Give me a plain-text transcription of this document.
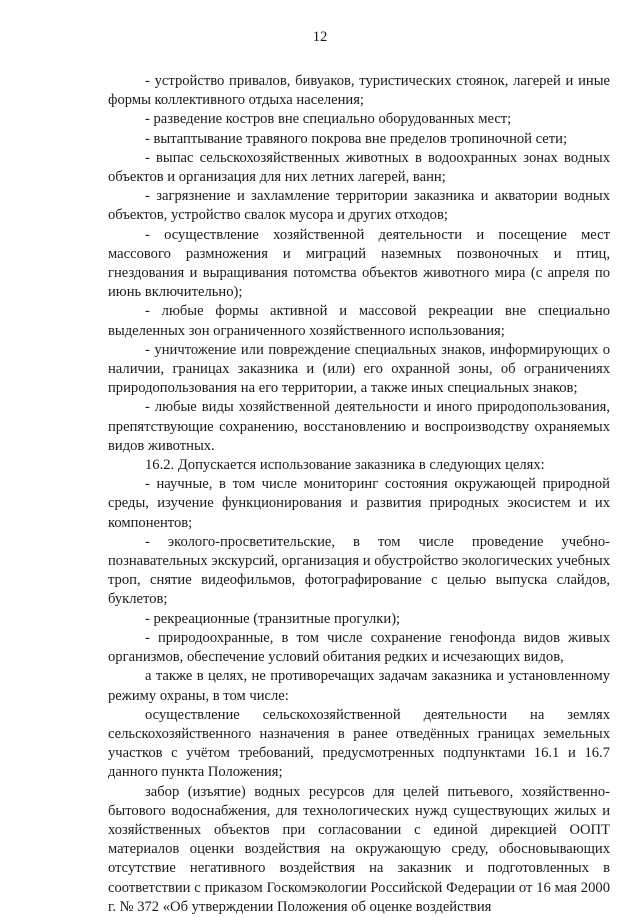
12

- устройство привалов, бивуаков, туристических стоянок, лагерей и иные формы коллективного отдыха населения;

- разведение костров вне специально оборудованных мест;

- вытаптывание травяного покрова вне пределов тропиночной сети;

- выпас сельскохозяйственных животных в водоохранных зонах водных объектов и организация для них летних лагерей, ванн;

- загрязнение и захламление территории заказника и акватории водных объектов, устройство свалок мусора и других отходов;

- осуществление хозяйственной деятельности и посещение мест массового размножения и миграций наземных позвоночных и птиц, гнездования и выращивания потомства объектов животного мира (с апреля по июнь включительно);

- любые формы активной и массовой рекреации вне специально выделенных зон ограниченного хозяйственного использования;

- уничтожение или повреждение специальных знаков, информирующих о наличии, границах заказника и (или) его охранной зоны, об ограничениях природопользования на его территории, а также иных специальных знаков;

- любые виды хозяйственной деятельности и иного природопользования, препятствующие сохранению, восстановлению и воспроизводству охраняемых видов животных.

16.2. Допускается использование заказника в следующих целях:

- научные, в том числе мониторинг состояния окружающей природной среды, изучение функционирования и развития природных экосистем и их компонентов;

- эколого-просветительские, в том числе проведение учебно-познавательных экскурсий, организация и обустройство экологических учебных троп, снятие видеофильмов, фотографирование с целью выпуска слайдов, буклетов;

- рекреационные (транзитные прогулки);

- природоохранные, в том числе сохранение генофонда видов живых организмов, обеспечение условий обитания редких и исчезающих видов,

а также в целях, не противоречащих задачам заказника и установленному режиму охраны, в том числе:

осуществление сельскохозяйственной деятельности на землях сельскохозяйственного назначения в ранее отведённых границах земельных участков с учётом требований, предусмотренных подпунктами 16.1 и 16.7 данного пункта Положения;

забор (изъятие) водных ресурсов для целей питьевого, хозяйственно-бытового водоснабжения, для технологических нужд существующих жилых и хозяйственных объектов при согласовании с единой дирекцией ООПТ материалов оценки воздействия на окружающую среду, обосновывающих отсутствие негативного воздействия на заказник и подготовленных в соответствии с приказом Госкомэкологии Российской Федерации от 16 мая 2000 г. № 372 «Об утверждении Положения об оценке воздействия
